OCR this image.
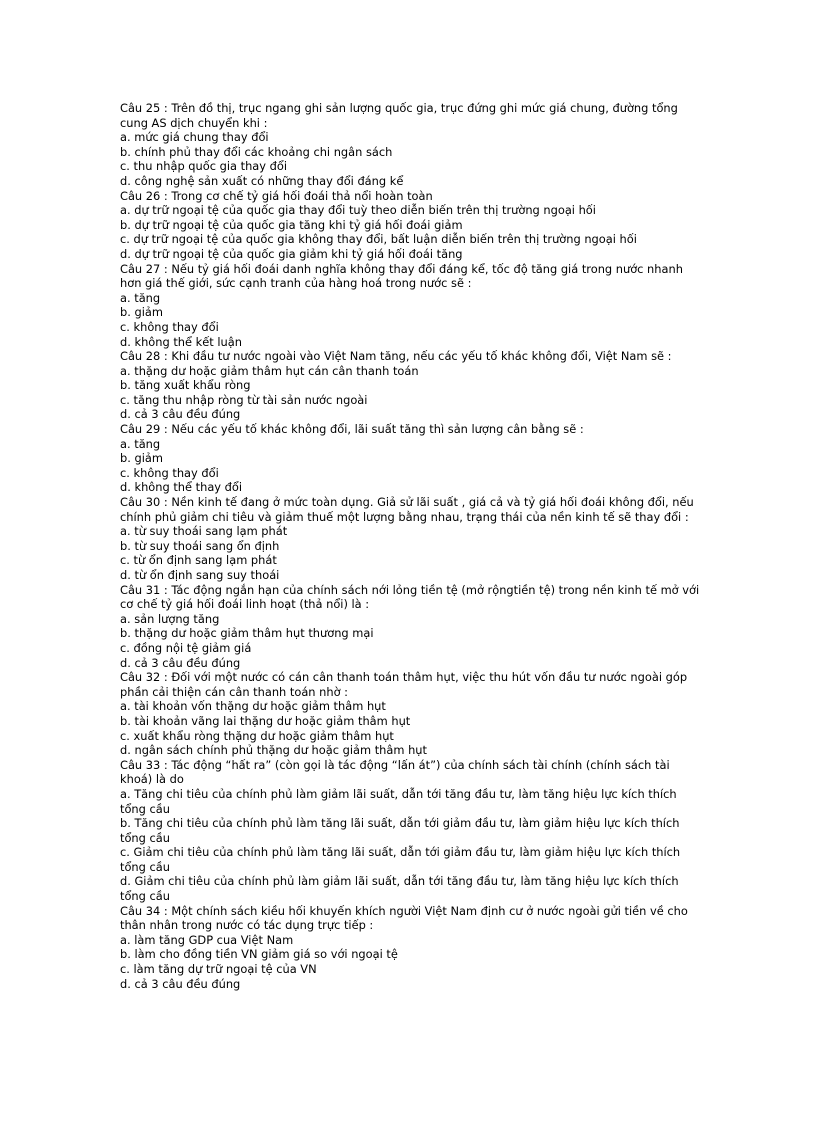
Câu 25 : Trên đồ thị, trục ngang ghi sản lượng quốc gia, trục đứng ghi mức giá chung, đường tổng cung AS dịch chuyển khi :
a. mức giá chung thay đổi
b. chính phủ thay đổi các khoảng chi ngân sách
c. thu nhập quốc gia thay đổi
d. công nghệ sản xuất có những thay đổi đáng kể
Câu 26 : Trong cơ chế tỷ giá hối đoái thả nổi hoàn toàn
a. dự trữ ngoại tệ của quốc gia thay đổi tuỳ theo diễn biến trên thị trường ngoại hối
b. dự trữ ngoại tệ của quốc gia tăng khi tỷ giá hối đoái giảm
c. dự trữ ngoại tệ của quốc gia không thay đổi, bất luận diễn biến trên thị trường ngoại hối
d. dự trữ ngoại tệ của quốc gia giảm khi tỷ giá hối đoái tăng
Câu 27 : Nếu tỷ giá hối đoái danh nghĩa không thay đổi đáng kể, tốc độ tăng giá trong nước nhanh hơn giá thế giới, sức cạnh tranh của hàng hoá trong nước sẽ :
a. tăng
b. giảm
c. không thay đổi
d. không thể kết luận
Câu 28 : Khi đầu tư nước ngoài vào Việt Nam tăng, nếu các yếu tố khác không đổi, Việt Nam sẽ :
a. thặng dư hoặc giảm thâm hụt cán cân thanh toán
b. tăng xuất khẩu ròng
c. tăng thu nhập ròng từ tài sản nước ngoài
d. cả 3 câu đều đúng
Câu 29 : Nếu các yếu tố khác không đổi, lãi suất tăng thì sản lượng cân bằng sẽ :
a. tăng
b. giảm
c. không thay đổi
d. không thể thay đổi
Câu 30 : Nền kinh tế đang ở mức toàn dụng. Giả sử lãi suất , giá cả và tỷ giá hối đoái không đổi, nếu chính phủ giảm chi tiêu và giảm thuế một lượng bằng nhau, trạng thái của nền kinh tế sẽ thay đổi :
a. từ suy thoái sang lạm phát
b. từ suy thoái sang ổn định
c. từ ổn định sang lạm phát
d. từ ổn định sang suy thoái
Câu 31 : Tác động ngắn hạn của chính sách nới lỏng tiền tệ (mở rộngtiền tệ) trong nền kinh tế mở với cơ chế tỷ giá hối đoái linh hoạt (thả nổi) là :
a. sản lượng tăng
b. thặng dư hoặc giảm thâm hụt thương mại
c. đồng nội tệ giảm giá
d. cả 3 câu đều đúng
Câu 32 : Đối với một nước có cán cân thanh toán thâm hụt, việc thu hút vốn đầu tư nước ngoài góp phần cải thiện cán cân thanh toán nhờ :
a. tài khoản vốn thặng dư hoặc giảm thâm hụt
b. tài khoản vãng lai thặng dư hoặc giảm thâm hụt
c. xuất khẩu ròng thặng dư hoặc giảm thâm hụt
d. ngân sách chính phủ thặng dư hoặc giảm thâm hụt
Câu 33 : Tác động “hất ra” (còn gọi là tác động “lấn át”) của chính sách tài chính (chính sách tài khoá) là do
a. Tăng chi tiêu của chính phủ làm giảm lãi suất, dẫn tới tăng đầu tư, làm tăng hiệu lực kích thích tổng cầu
b. Tăng chi tiêu của chính phủ làm tăng lãi suất, dẫn tới giảm đầu tư, làm giảm hiệu lực kích thích tổng cầu
c. Giảm chi tiêu của chính phủ làm tăng lãi suất, dẫn tới giảm đầu tư, làm giảm hiệu lực kích thích tổng cầu
d. Giảm chi tiêu của chính phủ làm giảm lãi suất, dẫn tới tăng đầu tư, làm tăng hiệu lực kích thích tổng cầu
Câu 34 : Một chính sách kiều hối khuyến khích người Việt Nam định cư ở nước ngoài gửi tiền về cho thân nhân trong nước có tác dụng trực tiếp :
a. làm tăng GDP cua Việt Nam
b. làm cho đồng tiền VN giảm giá so với ngoại tệ
c. làm tăng dự trữ ngoại tệ của VN
d. cả 3 câu đều đúng
